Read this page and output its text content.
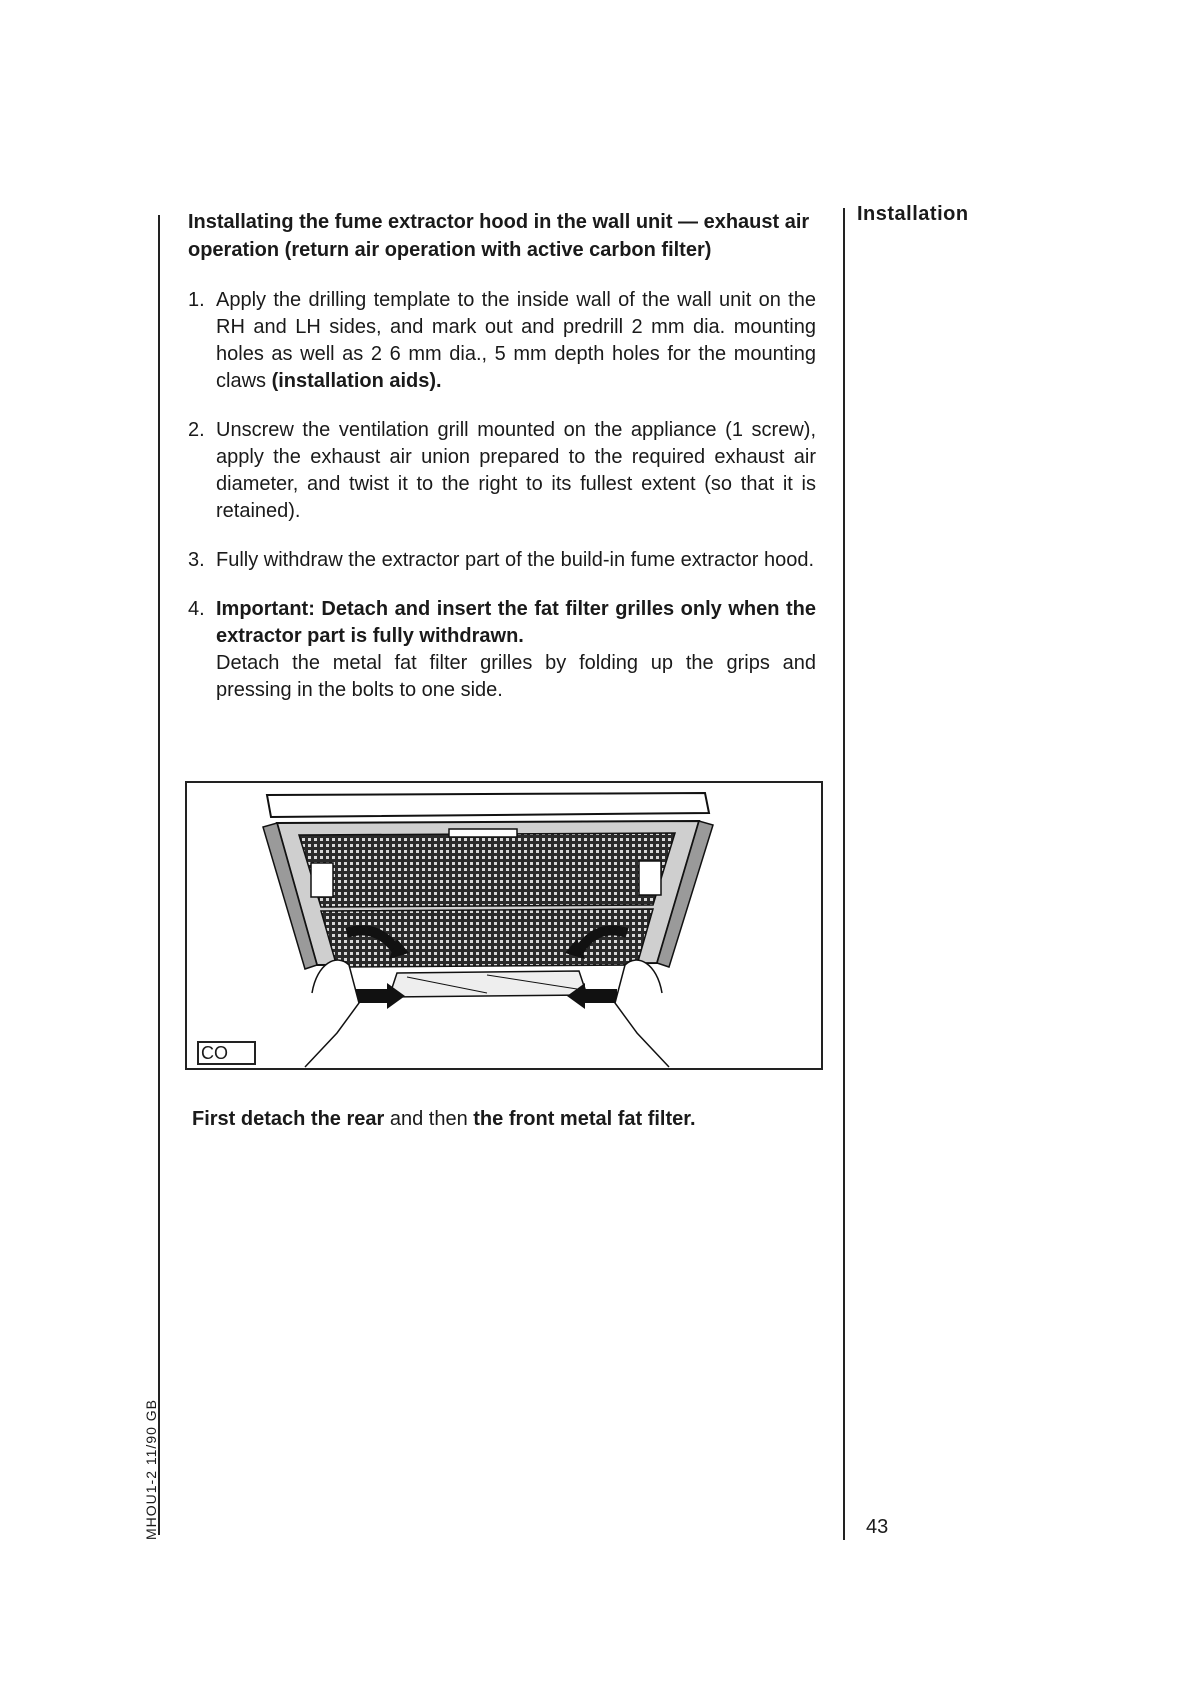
Installation
Installating the fume extractor hood in the wall unit — exhaust air operation (return air operation with active carbon filter)
1. Apply the drilling template to the inside wall of the wall unit on the RH and LH sides, and mark out and predrill 2 mm dia. mounting holes as well as 2 6 mm dia., 5 mm depth holes for the mounting claws (installation aids).

2. Unscrew the ventilation grill mounted on the appliance (1 screw), apply the exhaust air union prepared to the required exhaust air diameter, and twist it to the right to its fullest extent (so that it is retained).

3. Fully withdraw the extractor part of the build-in fume extractor hood.

4. Important: Detach and insert the fat filter grilles only when the extractor part is fully withdrawn.

Detach the metal fat filter grilles by folding up the grips and pressing in the bolts to one side.

CO
First detach the rear and then the front metal fat filter.
MHOU1-2 11/90 GB	43
